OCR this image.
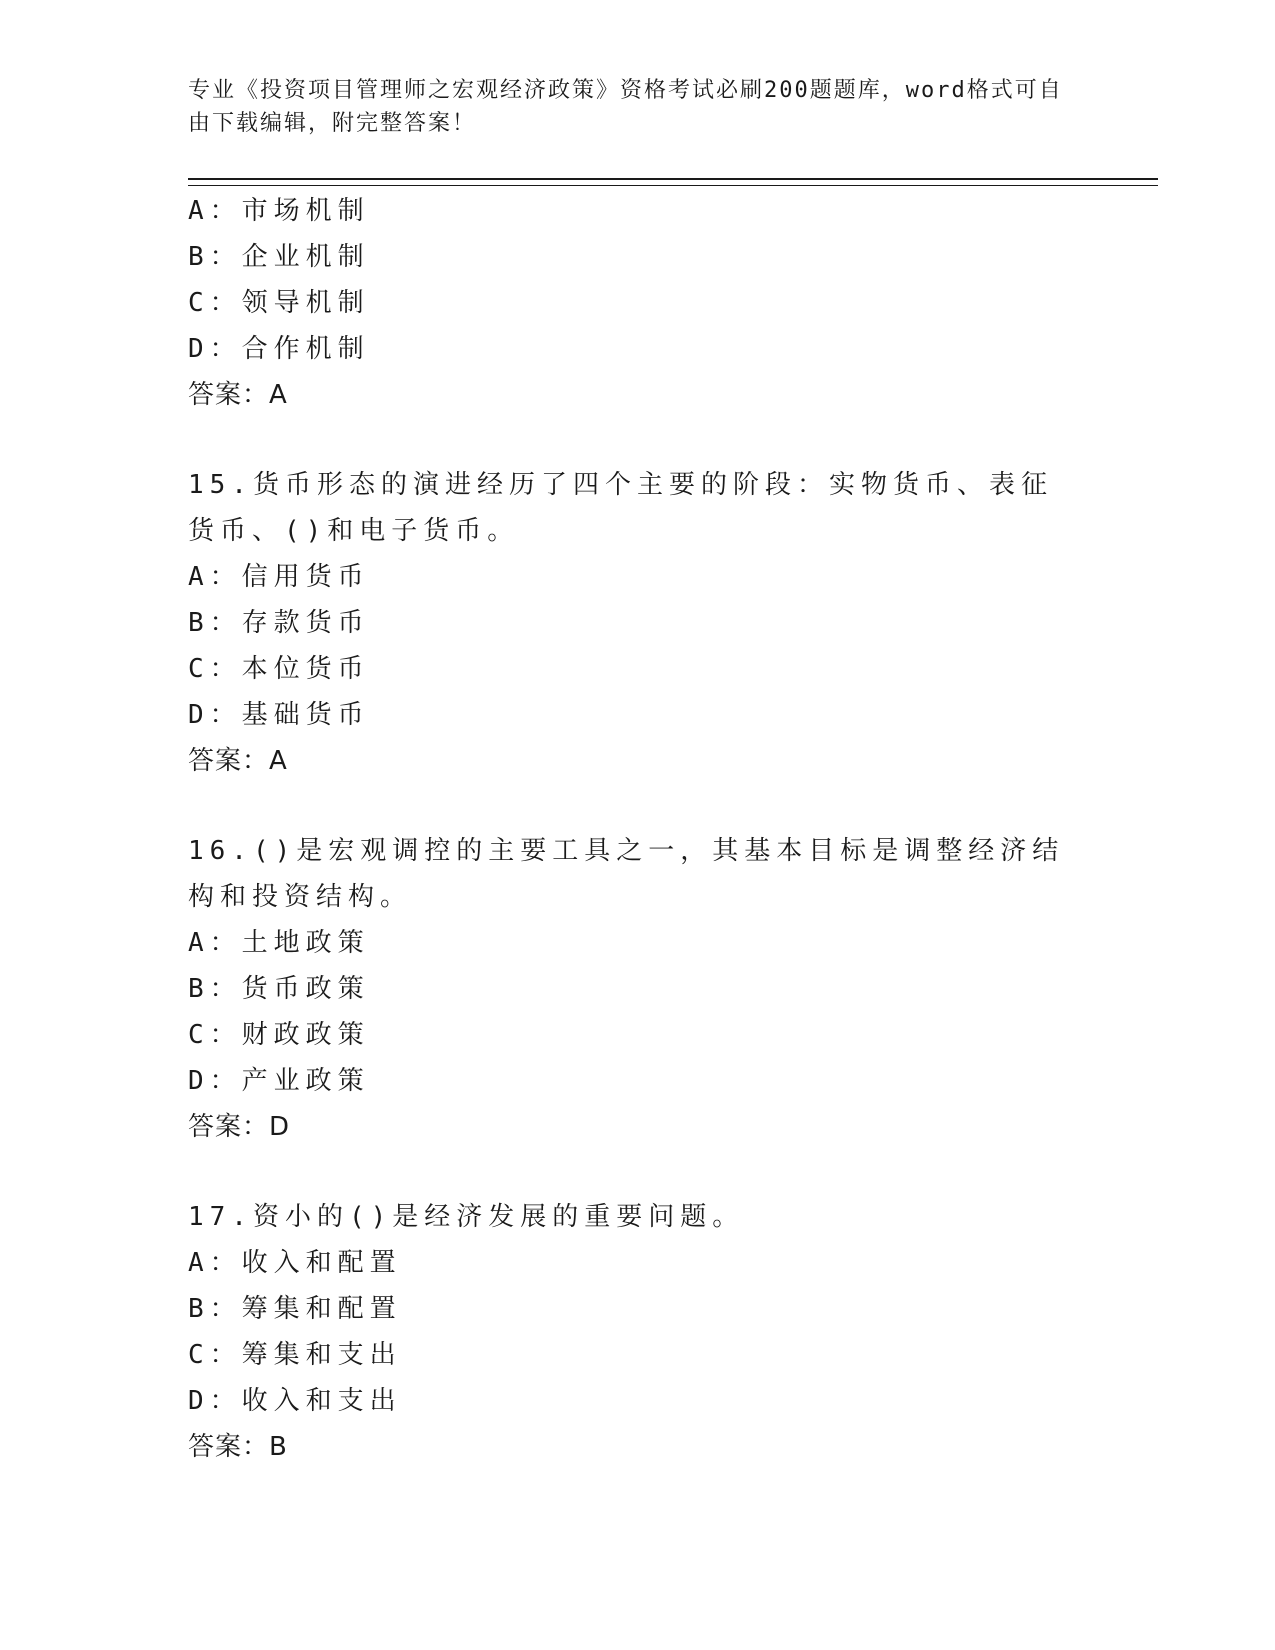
专业《投资项目管理师之宏观经济政策》资格考试必刷200题题库，word格式可自由下载编辑，附完整答案！
A：市场机制
B：企业机制
C：领导机制
D：合作机制
答案：A
15.货币形态的演进经历了四个主要的阶段：实物货币、表征货币、()和电子货币。
A：信用货币
B：存款货币
C：本位货币
D：基础货币
答案：A
16.()是宏观调控的主要工具之一，其基本目标是调整经济结构和投资结构。
A：土地政策
B：货币政策
C：财政政策
D：产业政策
答案：D
17.资小的()是经济发展的重要问题。
A：收入和配置
B：筹集和配置
C：筹集和支出
D：收入和支出
答案：B
